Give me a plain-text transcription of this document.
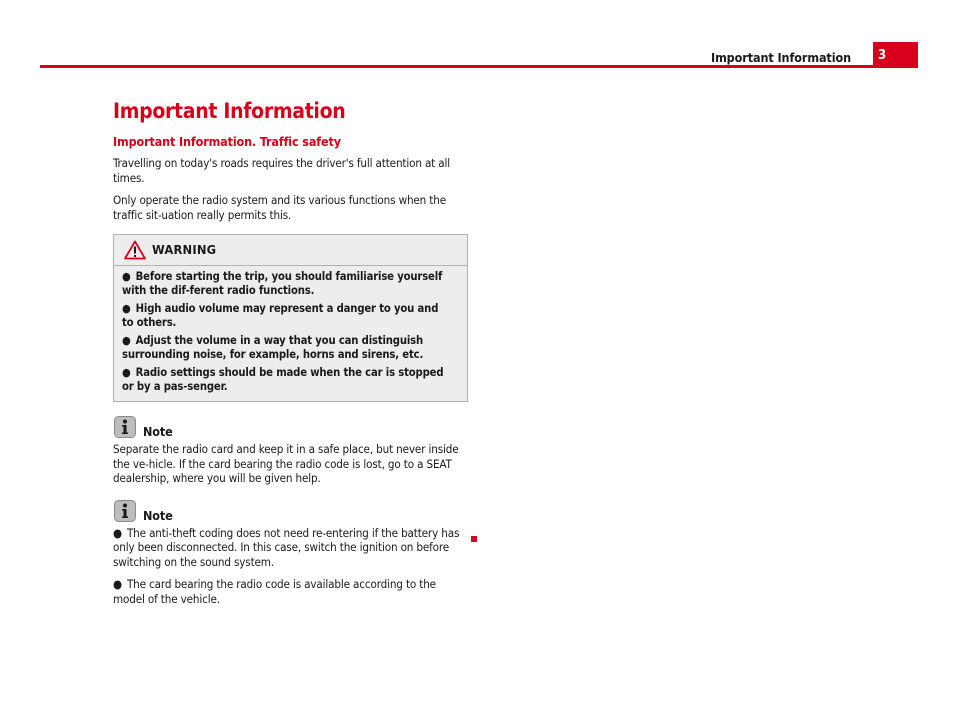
Important Information	3
Important Information
Important Information. Traffic safety

Travelling on today's roads requires the driver's full attention at all times.

Only operate the radio system and its various functions when the traffic sit-uation really permits this.

WARNING
● Before starting the trip, you should familiarise yourself with the dif-ferent radio functions.
● High audio volume may represent a danger to you and to others.
● Adjust the volume in a way that you can distinguish surrounding noise, for example, horns and sirens, etc.
● Radio settings should be made when the car is stopped or by a pas-senger.
Note

Separate the radio card and keep it in a safe place, but never inside the ve-hicle. If the card bearing the radio code is lost, go to a SEAT dealership, where you will be given help.

Note

● The anti-theft coding does not need re-entering if the battery has only been disconnected. In this case, switch the ignition on before switching on the sound system.

● The card bearing the radio code is available according to the model of the vehicle.
